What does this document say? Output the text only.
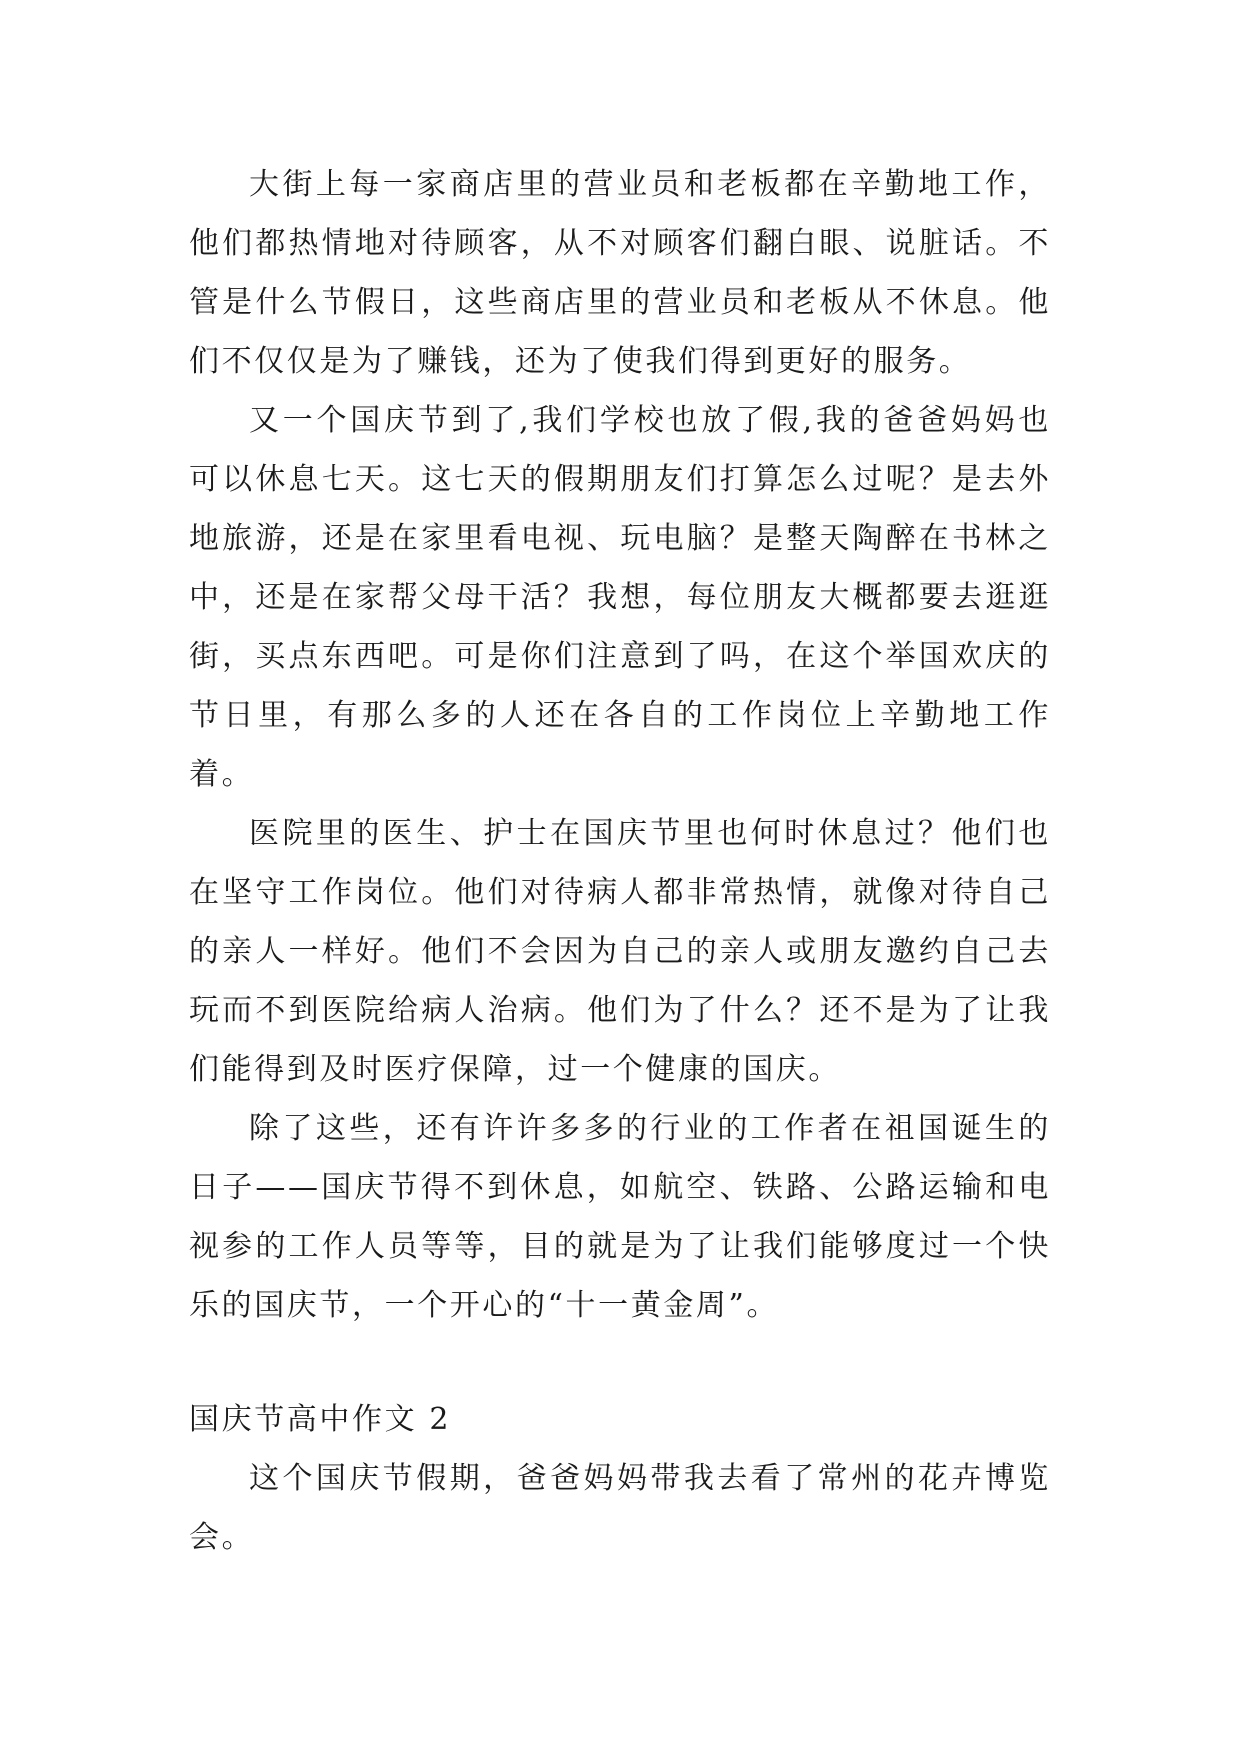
大街上每一家商店里的营业员和老板都在辛勤地工作，他们都热情地对待顾客，从不对顾客们翻白眼、说脏话。不管是什么节假日，这些商店里的营业员和老板从不休息。他们不仅仅是为了赚钱，还为了使我们得到更好的服务。

又一个国庆节到了,我们学校也放了假,我的爸爸妈妈也可以休息七天。这七天的假期朋友们打算怎么过呢？是去外地旅游，还是在家里看电视、玩电脑？是整天陶醉在书林之中，还是在家帮父母干活？我想，每位朋友大概都要去逛逛街，买点东西吧。可是你们注意到了吗，在这个举国欢庆的节日里，有那么多的人还在各自的工作岗位上辛勤地工作着。

医院里的医生、护士在国庆节里也何时休息过？他们也在坚守工作岗位。他们对待病人都非常热情，就像对待自己的亲人一样好。他们不会因为自己的亲人或朋友邀约自己去玩而不到医院给病人治病。他们为了什么？还不是为了让我们能得到及时医疗保障，过一个健康的国庆。

除了这些，还有许许多多的行业的工作者在祖国诞生的日子——国庆节得不到休息，如航空、铁路、公路运输和电视参的工作人员等等，目的就是为了让我们能够度过一个快乐的国庆节，一个开心的“十一黄金周”。

国庆节高中作文 2

这个国庆节假期，爸爸妈妈带我去看了常州的花卉博览会。
